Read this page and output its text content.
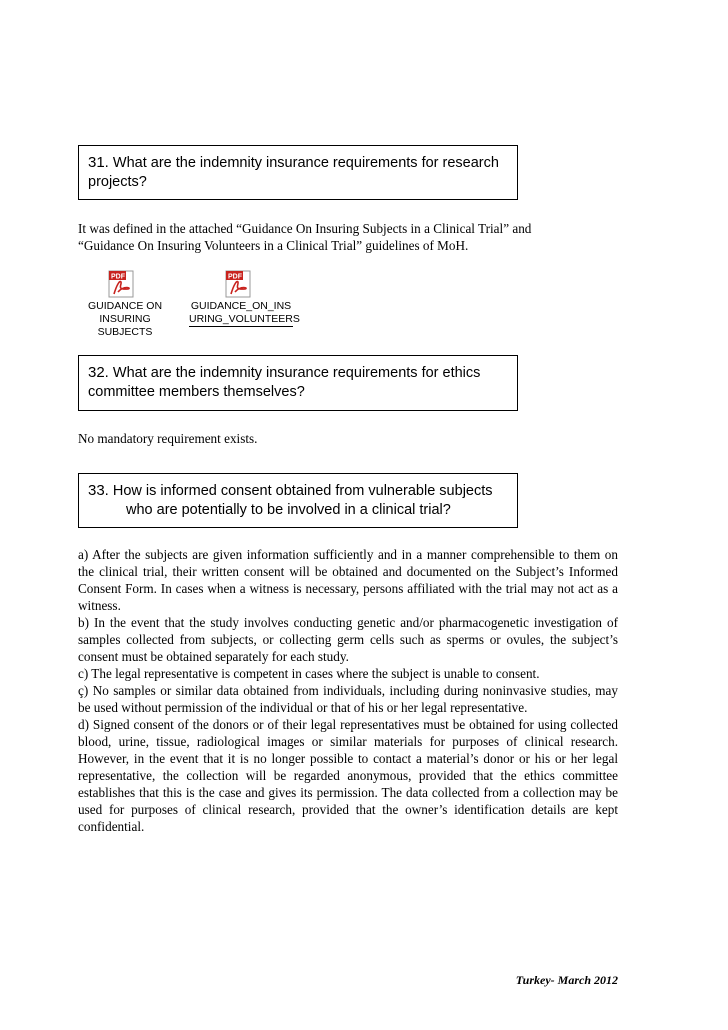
31. What are the indemnity insurance requirements for research
projects?
It was defined in the attached “Guidance On Insuring Subjects in a Clinical Trial” and
“Guidance On Insuring Volunteers in a Clinical Trial” guidelines of MoH.
PDF
GUIDANCE ON
INSURING SUBJECTS
PDF
GUIDANCE_ON_INS
URING_VOLUNTEERS
32. What are the indemnity insurance requirements for ethics
committee members themselves?
No mandatory requirement exists.
33. How is informed consent obtained from vulnerable subjects
who are potentially to be involved in a clinical trial?
a) After the subjects are given information sufficiently and in a manner comprehensible to them on the clinical trial, their written consent will be obtained and documented on the Subject’s Informed Consent Form. In cases when a witness is necessary, persons affiliated with the trial may not act as a witness.
b) In the event that the study involves conducting genetic and/or pharmacogenetic investigation of samples collected from subjects, or collecting germ cells such as sperms or ovules, the subject’s consent must be obtained separately for each study.
c) The legal representative is competent in cases where the subject is unable to consent.
ç) No samples or similar data obtained from individuals, including during noninvasive studies, may be used without permission of the individual or that of his or her legal representative.
d) Signed consent of the donors or of their legal representatives must be obtained for using collected blood, urine, tissue, radiological images or similar materials for purposes of clinical research. However, in the event that it is no longer possible to contact a material’s donor or his or her legal representative, the collection will be regarded anonymous, provided that the ethics committee establishes that this is the case and gives its permission. The data collected from a collection may be used for purposes of clinical research, provided that the owner’s identification details are kept confidential.
Turkey- March 2012
